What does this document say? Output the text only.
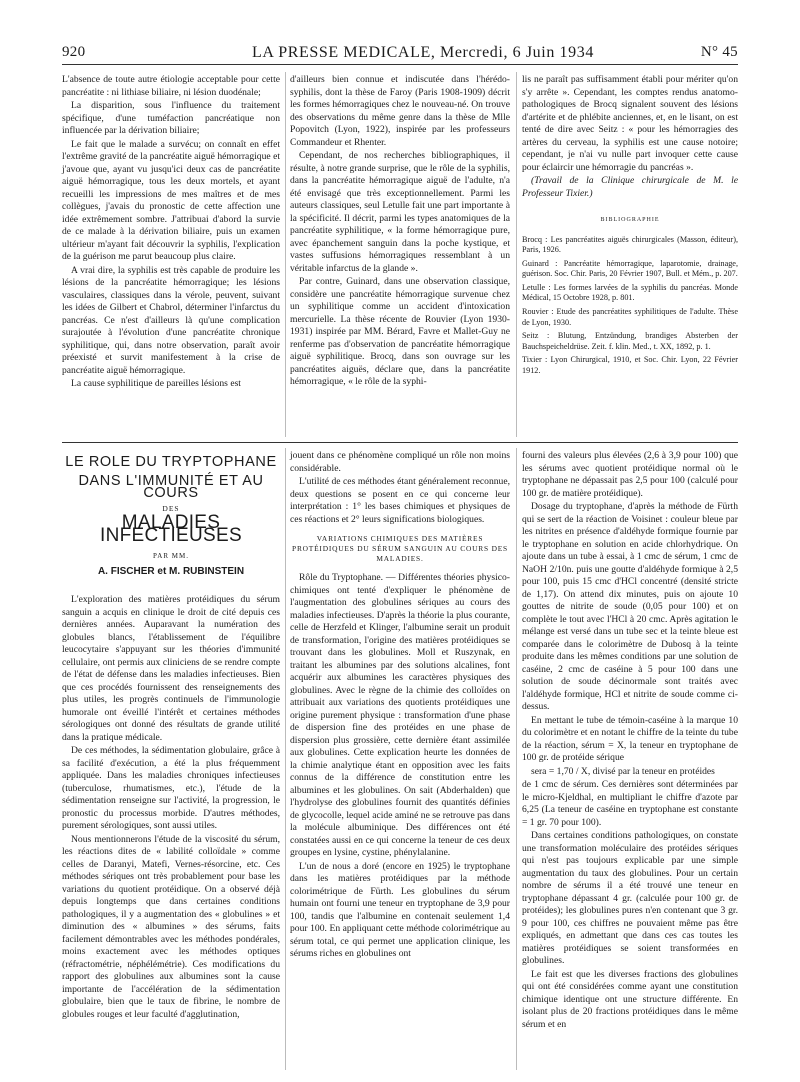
920	LA PRESSE MEDICALE, Mercredi, 6 Juin 1934	N° 45

L'absence de toute autre étiologie acceptable pour cette pancréatite : ni lithiase biliaire, ni lésion duodénale;

La disparition, sous l'influence du traitement spécifique, d'une tuméfaction pancréatique non influencée par la dérivation biliaire;

Le fait que le malade a survécu; on connaît en effet l'extrême gravité de la pancréatite aiguë hémorragique et j'avoue que, ayant vu jusqu'ici deux cas de pancréatite aiguë hémorragique, tous les deux mortels, et ayant recueilli les impressions de mes maîtres et de mes collègues, j'avais du pronostic de cette affection une idée extrêmement sombre. J'attribuai d'abord la survie de ce malade à la dérivation biliaire, puis un examen ultérieur m'ayant fait découvrir la syphilis, l'explication de la guérison me parut beaucoup plus claire.

A vrai dire, la syphilis est très capable de produire les lésions de la pancréatite hémorragique; les lésions vasculaires, classiques dans la vérole, peuvent, suivant les idées de Gilbert et Chabrol, déterminer l'infarctus du pancréas. Ce n'est d'ailleurs là qu'une complication surajoutée à l'évolution d'une pancréatite chronique syphilitique, qui, dans notre observation, paraît avoir préexisté et survit manifestement à la crise de pancréatite aiguë hémorragique.

La cause syphilitique de pareilles lésions est

d'ailleurs bien connue et indiscutée dans l'hérédo-syphilis, dont la thèse de Faroy (Paris 1908-1909) décrit les formes hémorragiques chez le nouveau-né. On trouve des observations du même genre dans la thèse de Mlle Popovitch (Lyon, 1922), inspirée par les professeurs Commandeur et Rhenter.

Cependant, de nos recherches bibliographiques, il résulte, à notre grande surprise, que le rôle de la syphilis, dans la pancréatite hémorragique aiguë de l'adulte, n'a été envisagé que très exceptionnellement. Parmi les auteurs classiques, seul Letulle fait une part importante à la spécificité. Il décrit, parmi les types anatomiques de la pancréatite syphilitique, « la forme hémorragique pure, avec épanchement sanguin dans la poche kystique, et vastes suffusions hémorragiques ressemblant à un véritable infarctus de la glande ».

Par contre, Guinard, dans une observation classique, considère une pancréatite hémorragique survenue chez un syphilitique comme un accident d'intoxication mercurielle. La thèse récente de Rouvier (Lyon 1930-1931) inspirée par MM. Bérard, Favre et Mallet-Guy ne renferme pas d'observation de pancréatite hémorragique aiguë syphilitique. Brocq, dans son ouvrage sur les pancréatites aiguës, déclare que, dans la pancréatite hémorragique, « le rôle de la syphi-

lis ne paraît pas suffisamment établi pour mériter qu'on s'y arrête ». Cependant, les comptes rendus anatomo-pathologiques de Brocq signalent souvent des lésions d'artérite et de phlébite anciennes, et, en le lisant, on est tenté de dire avec Seitz : « pour les hémorragies des artères du cerveau, la syphilis est une cause notoire; cependant, je n'ai vu nulle part invoquer cette cause pour éclaircir une hémorragie du pancréas ».

(Travail de la Clinique chirurgicale de M. le Professeur Tixier.)

BIBLIOGRAPHIE

Brocq : Les pancréatites aiguës chirurgicales (Masson, éditeur), Paris, 1926.

Guinard : Pancréatite hémorragique, laparotomie, drainage, guérison. Soc. Chir. Paris, 20 Février 1907, Bull. et Mém., p. 207.

Letulle : Les formes larvées de la syphilis du pancréas. Monde Médical, 15 Octobre 1928, p. 801.

Rouvier : Etude des pancréatites syphilitiques de l'adulte. Thèse de Lyon, 1930.

Seitz : Blutung, Entzündung, brandiges Absterben der Bauchspeicheldrüse. Zeit. f. klin. Med., t. XX, 1892, p. 1.

Tixier : Lyon Chirurgical, 1910, et Soc. Chir. Lyon, 22 Février 1912.

LE ROLE DU TRYPTOPHANE
DANS L'IMMUNITÉ ET AU COURS
DES
MALADIES INFECTIEUSES
PAR MM.
A. FISCHER et M. RUBINSTEIN

L'exploration des matières protéidiques du sérum sanguin a acquis en clinique le droit de cité depuis ces dernières années. Auparavant la numération des globules blancs, l'établissement de l'équilibre leucocytaire s'appuyant sur les théories d'immunité cellulaire, ont permis aux cliniciens de se rendre compte de l'état de défense dans les maladies infectieuses. Bien que ces procédés fournissent des renseignements des plus utiles, les progrès continuels de l'immunologie humorale ont éveillé l'intérêt et certaines méthodes sérologiques ont donné des résultats de grande utilité dans la pratique médicale.

De ces méthodes, la sédimentation globulaire, grâce à sa facilité d'exécution, a été la plus fréquemment appliquée. Dans les maladies chroniques infectieuses (tuberculose, rhumatismes, etc.), l'étude de la sédimentation renseigne sur l'activité, la progression, le pronostic du processus morbide. D'autres méthodes, purement sérologiques, sont aussi utiles.

Nous mentionnerons l'étude de la viscosité du sérum, les réactions dites de « labilité colloïdale » comme celles de Daranyi, Matefi, Vernes-résorcine, etc. Ces méthodes sériques ont très probablement pour base les variations du quotient protéidique. On a observé déjà depuis longtemps que dans certaines conditions pathologiques, il y a augmentation des « globulines » et diminution des « albumines » des sérums, faits facilement démontrables avec les méthodes pondérales, moins exactement avec les méthodes optiques (réfractométrie, néphélémétrie). Ces modifications du rapport des globulines aux albumines sont la cause importante de l'accélération de la sédimentation globulaire, bien que le taux de fibrine, le nombre de globules rouges et leur faculté d'agglutination,

jouent dans ce phénomène compliqué un rôle non moins considérable.

L'utilité de ces méthodes étant généralement reconnue, deux questions se posent en ce qui concerne leur interprétation : 1° les bases chimiques et physiques de ces réactions et 2° leurs significations biologiques.

VARIATIONS CHIMIQUES DES MATIÈRES PROTÉIDIQUES DU SÉRUM SANGUIN AU COURS DES MALADIES.

Rôle du Tryptophane. — Différentes théories physico-chimiques ont tenté d'expliquer le phénomène de l'augmentation des globulines sériques au cours des maladies infectieuses. D'après la théorie la plus courante, celle de Herzfeld et Klinger, l'albumine serait un produit de transformation, l'origine des matières protéidiques se trouvant dans les globulines. Moll et Ruszynak, en traitant les albumines par des solutions alcalines, font acquérir aux albumines les caractères physiques des globulines. Avec le règne de la chimie des colloïdes on attribuait aux variations des quotients protéidiques une origine purement physique : transformation d'une phase de dispersion fine des protéides en une phase de dispersion plus grossière, cette dernière étant assimilée aux globulines. Cette explication heurte les données de la chimie analytique étant en opposition avec les faits connus de la différence de constitution entre les albumines et les globulines. On sait (Abderhalden) que l'hydrolyse des globulines fournit des quantités définies de glycocolle, lequel acide aminé ne se retrouve pas dans la molécule albuminique. Des différences ont été constatées aussi en ce qui concerne la teneur de ces deux groupes en lysine, cystine, phénylalanine.

L'un de nous a doré (encore en 1925) le tryptophane dans les matières protéidiques par la méthode colorimétrique de Fürth. Les globulines du sérum humain ont fourni une teneur en tryptophane de 3,9 pour 100, tandis que l'albumine en contenait seulement 1,4 pour 100. En appliquant cette méthode colorimétrique au sérum total, ce qui permet une application clinique, les sérums riches en globulines ont

fourni des valeurs plus élevées (2,6 à 3,9 pour 100) que les sérums avec quotient protéidique normal où le tryptophane ne dépassait pas 2,5 pour 100 (calculé pour 100 gr. de matière protéidique).

Dosage du tryptophane, d'après la méthode de Fürth qui se sert de la réaction de Voisinet : couleur bleue par les nitrites en présence d'aldéhyde formique fournie par le tryptophane en solution en acide chlorhydrique. On ajoute dans un tube à essai, à 1 cmc de sérum, 1 cmc de NaOH 2/10n. puis une goutte d'aldéhyde formique à 2,5 pour 100, puis 15 cmc d'HCl concentré (densité stricte de 1,17). On attend dix minutes, puis on ajoute 10 gouttes de nitrite de soude (0,05 pour 100) et on complète le tout avec l'HCl à 20 cmc. Après agitation le mélange est versé dans un tube sec et la teinte bleue est comparée dans le colorimètre de Dubosq à la teinte produite dans les mêmes conditions par une solution de caséine, 2 cmc de caséine à 5 pour 100 dans une solution de soude décinormale sont traités avec l'aldéhyde formique, HCl et nitrite de soude comme ci-dessus.

En mettant le tube de témoin-caséine à la marque 10 du colorimètre et en notant le chiffre de la teinte du tube de la réaction, sérum = X, la teneur en tryptophane de 100 gr. de protéide sérique

sera = 1,70 / X, divisé par la teneur en protéides

de 1 cmc de sérum. Ces dernières sont déterminées par le micro-Kjeldhal, en multipliant le chiffre d'azote par 6,25 (La teneur de caséine en tryptophane est constante = 1 gr. 70 pour 100).

Dans certaines conditions pathologiques, on constate une transformation moléculaire des protéides sériques qui n'est pas toujours explicable par une simple augmentation du taux des globulines. Pour un certain nombre de sérums il a été trouvé une teneur en tryptophane dépassant 4 gr. (calculée pour 100 gr. de protéides); les globulines pures n'en contenant que 3 gr. 9 pour 100, ces chiffres ne pouvaient même pas être expliqués, en admettant que dans ces cas toutes les matières protéidiques se soient transformées en globulines.

Le fait est que les diverses fractions des globulines qui ont été considérées comme ayant une constitution chimique identique ont une structure différente. En isolant plus de 20 fractions protéidiques dans le même sérum et en
